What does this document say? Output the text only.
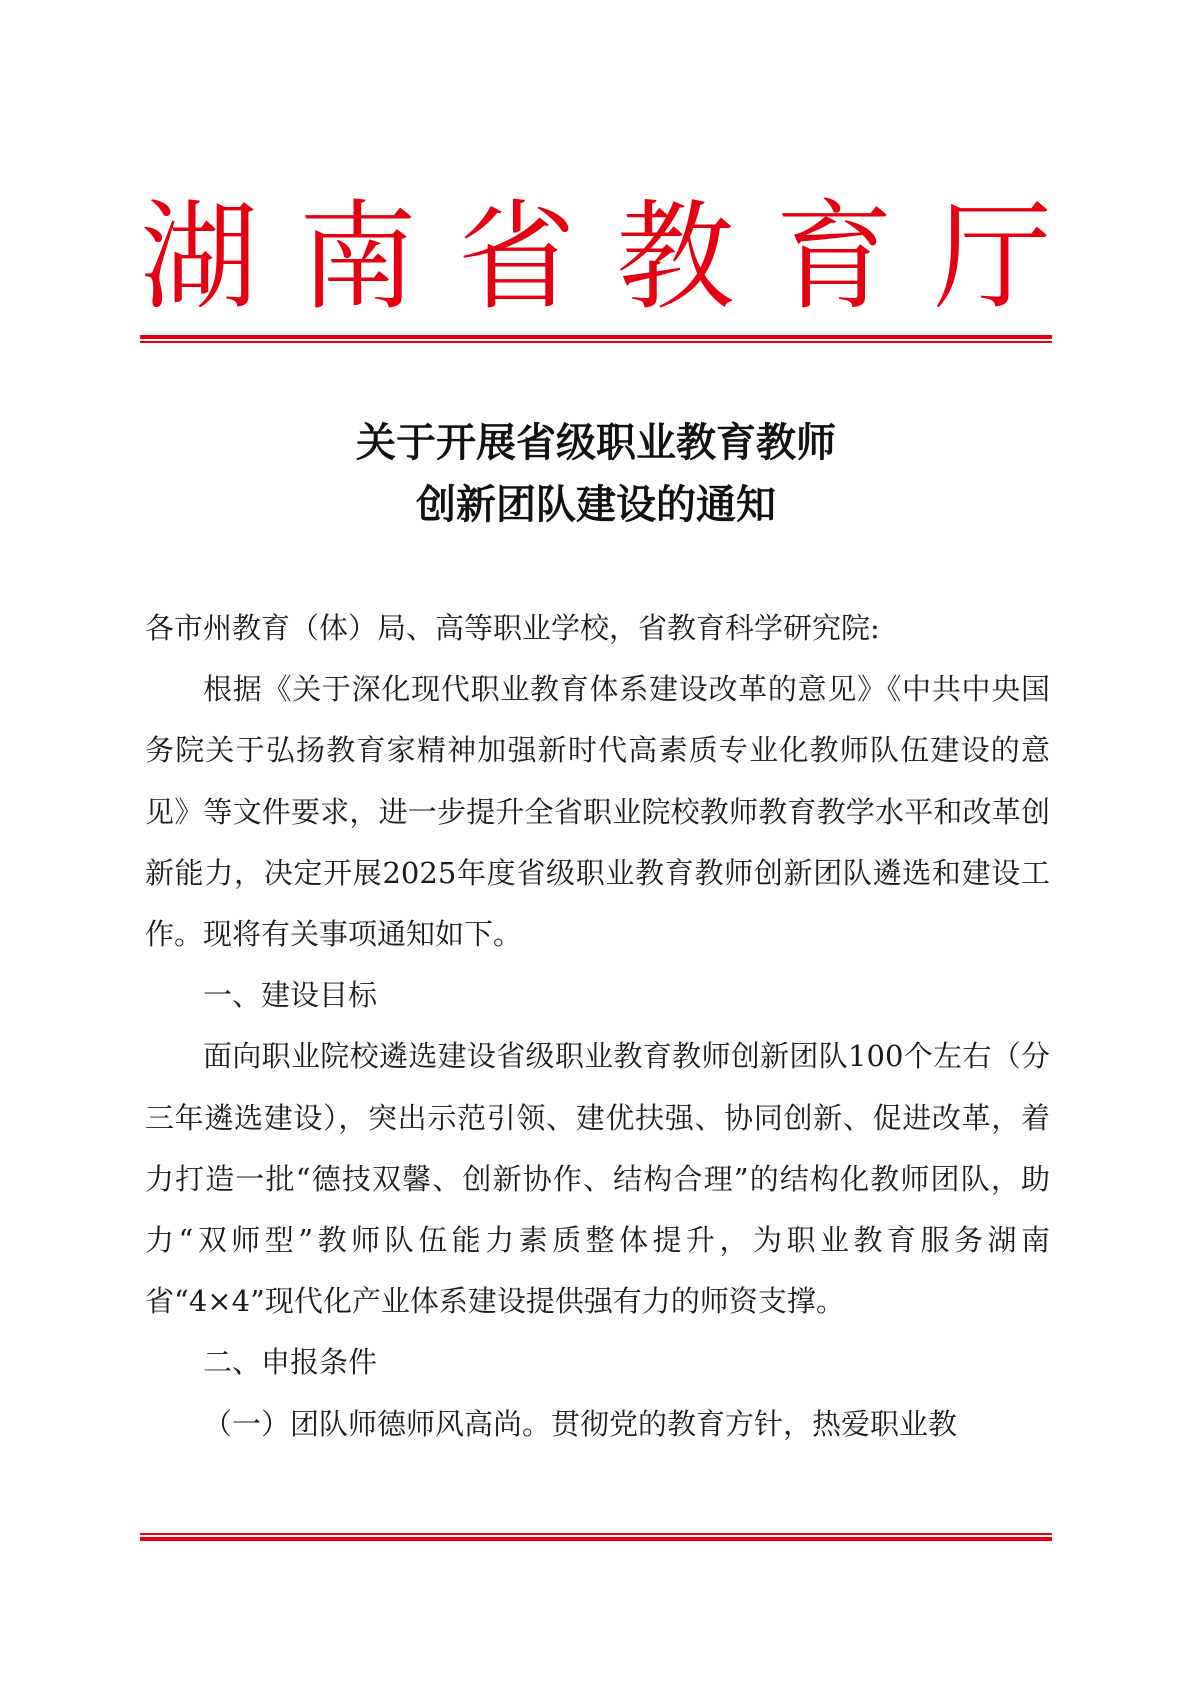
湖 南 省 教 育 厅
关于开展省级职业教育教师
创新团队建设的通知

各市州教育（体）局、高等职业学校，省教育科学研究院:

根据《关于深化现代职业教育体系建设改革的意见》《中共中央国务院关于弘扬教育家精神加强新时代高素质专业化教师队伍建设的意见》等文件要求，进一步提升全省职业院校教师教育教学水平和改革创新能力，决定开展2025年度省级职业教育教师创新团队遴选和建设工作。现将有关事项通知如下。

一、建设目标

面向职业院校遴选建设省级职业教育教师创新团队100个左右（分三年遴选建设），突出示范引领、建优扶强、协同创新、促进改革，着力打造一批“德技双馨、创新协作、结构合理”的结构化教师团队，助力“双师型”教师队伍能力素质整体提升，为职业教育服务湖南省“4×4”现代化产业体系建设提供强有力的师资支撑。

二、申报条件

（一）团队师德师风高尚。贯彻党的教育方针，热爱职业教
